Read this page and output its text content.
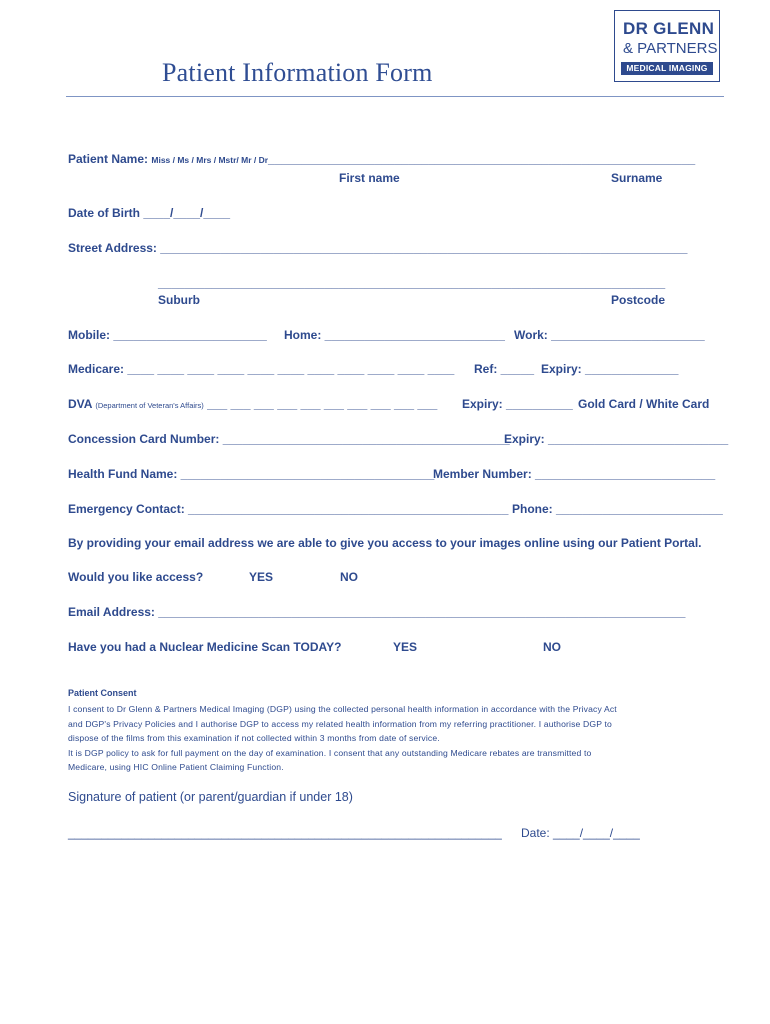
Patient Information Form
DR GLENN
& PARTNERS
MEDICAL IMAGING
Patient Name: Miss / Ms / Mrs / Mstr/ Mr / Dr________________________________________________________________
First name	Surname
Date of Birth ____/____/____
Street Address: _______________________________________________________________________________
____________________________________________________________________________
Suburb	Postcode
Mobile: _______________________ Home: ___________________________ Work: _______________________
Medicare: ____ ____ ____ ____ ____ ____ ____ ____ ____ ____ ____ Ref: _____ Expiry: ______________
DVA (Department of Veteran's Affairs) ___ ___ ___ ___ ___ ___ ___ ___ ___ ___ Expiry: __________ Gold Card / White Card
Concession Card Number: ___________________________________________
Expiry: ___________________________
Health Fund Name: ______________________________________
Member Number: ___________________________
Emergency Contact: ________________________________________________ Phone: _________________________
By providing your email address we are able to give you access to your images online using our Patient Portal.
Would you like access?	YES	NO
Email Address: _______________________________________________________________________________
Have you had a Nuclear Medicine Scan TODAY?	YES	NO
Patient Consent

I consent to Dr Glenn & Partners Medical Imaging (DGP) using the collected personal health information in accordance with the Privacy Act

and DGP's Privacy Policies and I authorise DGP to access my related health information from my referring practitioner. I authorise DGP to

dispose of the films from this examination if not collected within 3 months from date of service.

It is DGP policy to ask for full payment on the day of examination. I consent that any outstanding Medicare rebates are transmitted to

Medicare, using HIC Online Patient Claiming Function.

Signature of patient (or parent/guardian if under 18)
_________________________________________________________________ Date: ____/____/____
